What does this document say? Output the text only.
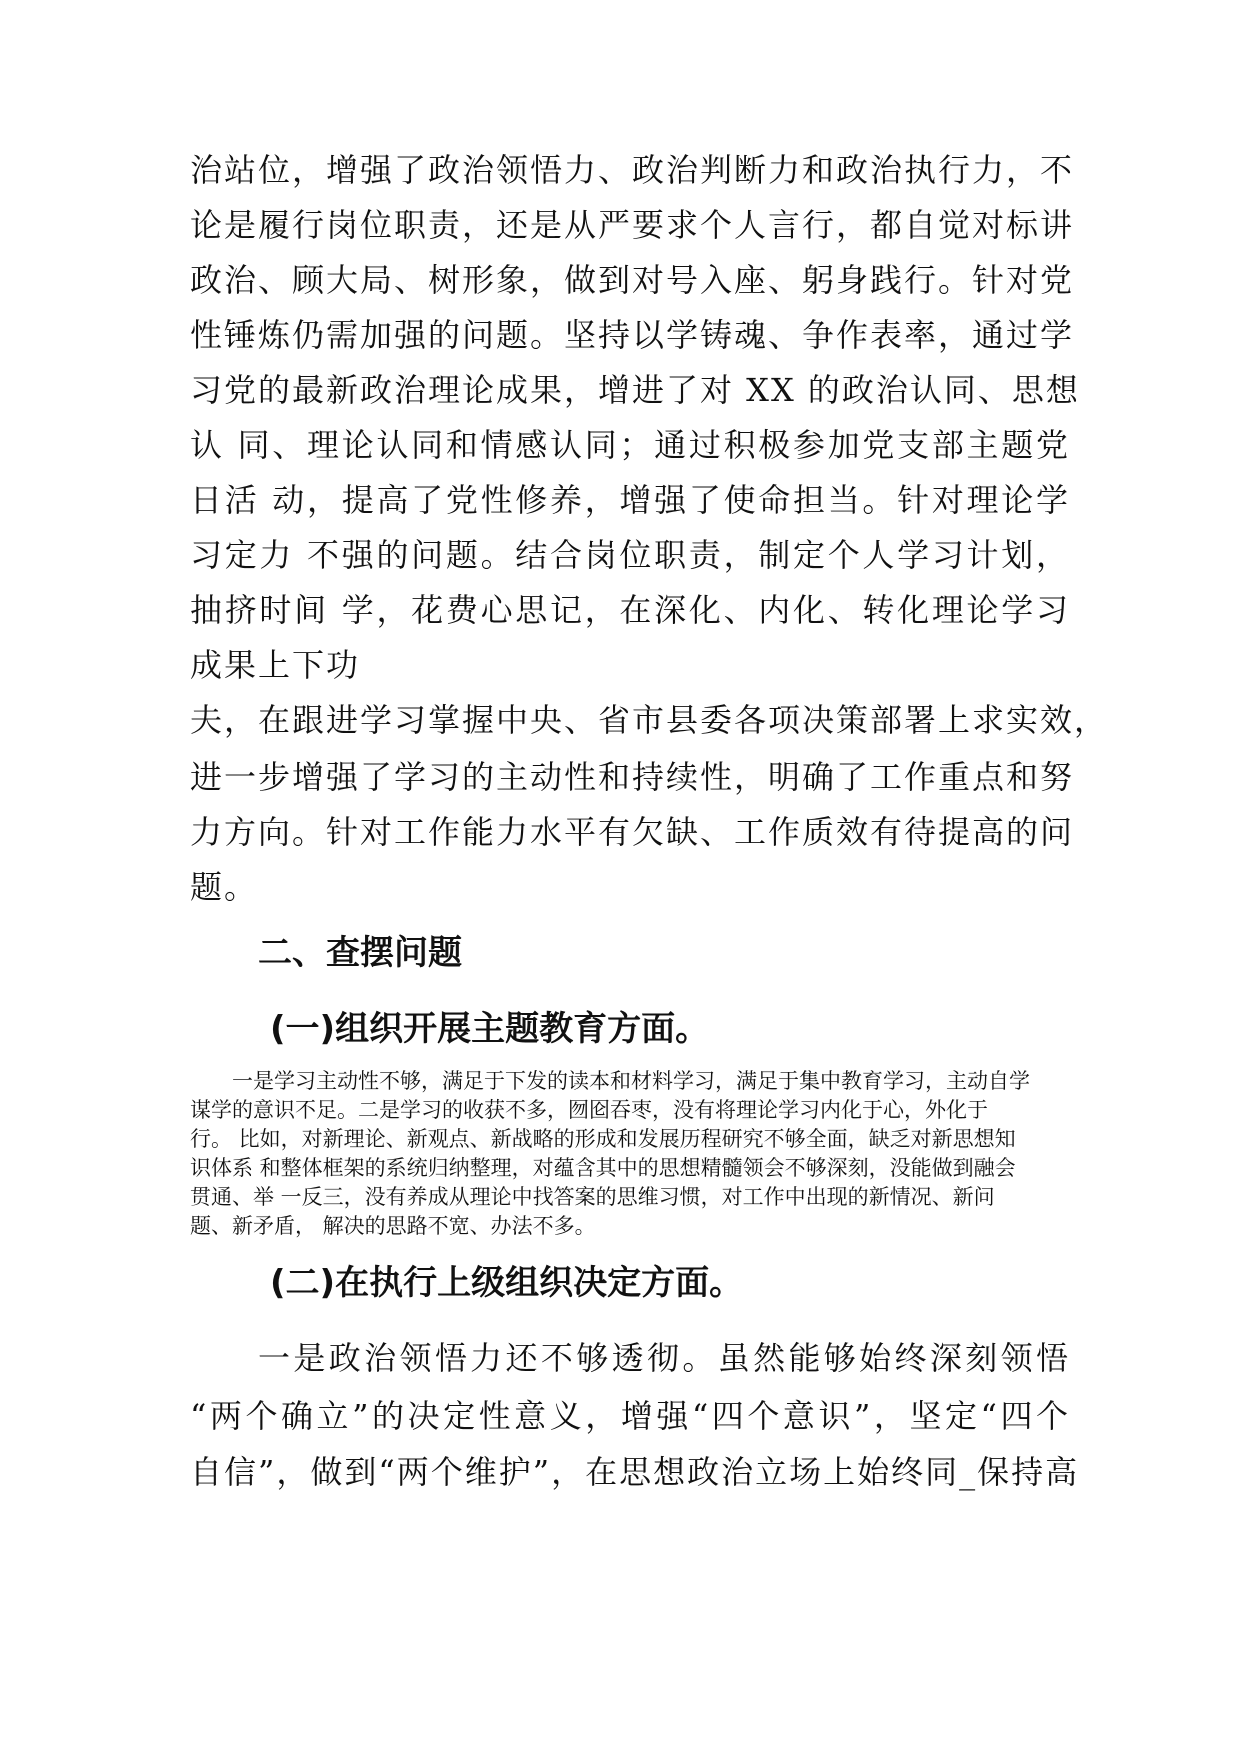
治站位，增强了政治领悟力、政治判断力和政治执行力，不
论是履行岗位职责，还是从严要求个人言行，都自觉对标讲
政治、顾大局、树形象，做到对号入座、躬身践行。针对党
性锤炼仍需加强的问题。坚持以学铸魂、争作表率，通过学
习党的最新政治理论成果，增进了对 XX 的政治认同、思想
认 同、理论认同和情感认同；通过积极参加党支部主题党
日活 动，提高了党性修养，增强了使命担当。针对理论学
习定力 不强的问题。结合岗位职责，制定个人学习计划，
抽挤时间 学，花费心思记，在深化、内化、转化理论学习
成果上下功
夫，在跟进学习掌握中央、省市县委各项决策部署上求实效，
进一步增强了学习的主动性和持续性，明确了工作重点和努
力方向。针对工作能力水平有欠缺、工作质效有待提高的问
题。
二、查摆问题
(一)组织开展主题教育方面。
一是学习主动性不够，满足于下发的读本和材料学习，满足于集中教育学习，主动自学
谋学的意识不足。二是学习的收获不多，囫囵吞枣，没有将理论学习内化于心，外化于
行。 比如，对新理论、新观点、新战略的形成和发展历程研究不够全面，缺乏对新思想知
识体系 和整体框架的系统归纳整理，对蕴含其中的思想精髓领会不够深刻，没能做到融会
贯通、举 一反三，没有养成从理论中找答案的思维习惯，对工作中出现的新情况、新问
题、新矛盾， 解决的思路不宽、办法不多。
(二)在执行上级组织决定方面。
一是政治领悟力还不够透彻。虽然能够始终深刻领悟
“两个确立”的决定性意义，增强“四个意识”，坚定“四个
自信”，做到“两个维护”，在思想政治立场上始终同_保持高
